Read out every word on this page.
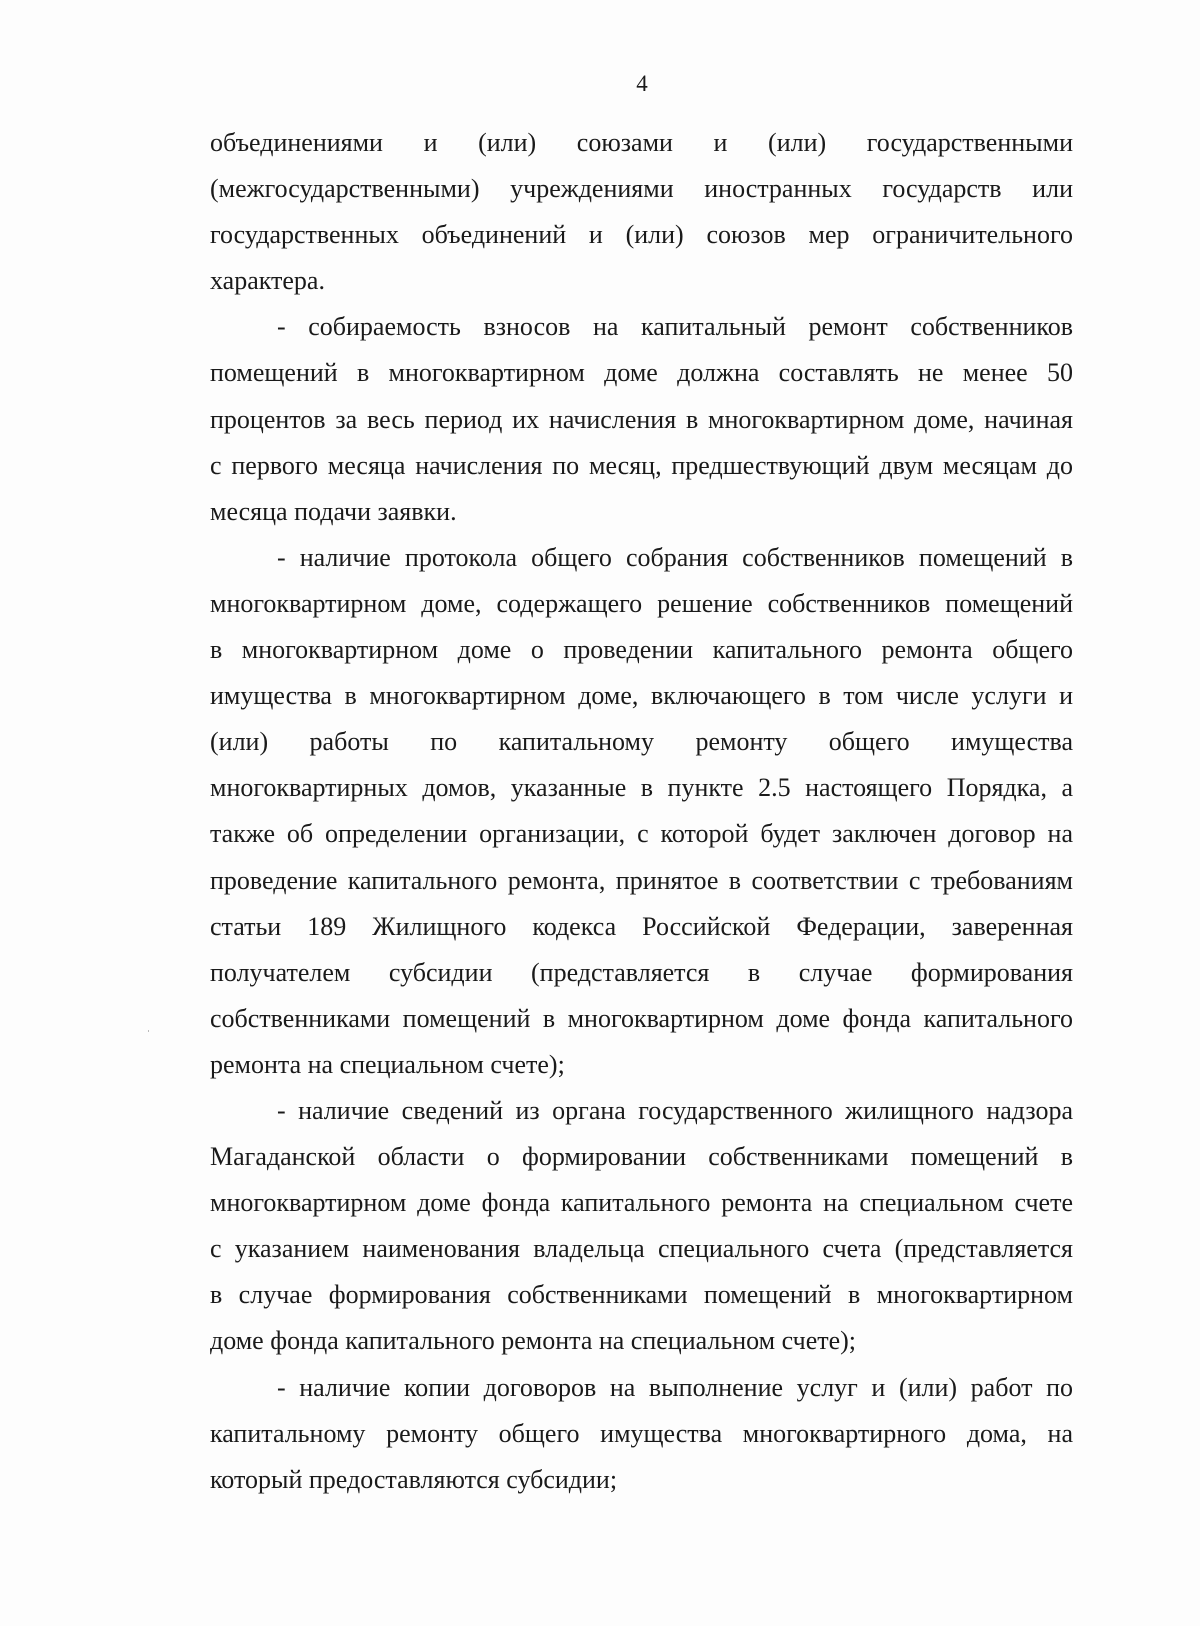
4
объединениями и (или) союзами и (или) государственными
(межгосударственными) учреждениями иностранных государств или
государственных объединений и (или) союзов мер ограничительного
характера.
- собираемость взносов на капитальный ремонт собственников
помещений в многоквартирном доме должна составлять не менее 50
процентов за весь период их начисления в многоквартирном доме, начиная
с первого месяца начисления по месяц, предшествующий двум месяцам до
месяца подачи заявки.
- наличие протокола общего собрания собственников помещений в
многоквартирном доме, содержащего решение собственников помещений
в многоквартирном доме о проведении капитального ремонта общего
имущества в многоквартирном доме, включающего в том числе услуги и
(или) работы по капитальному ремонту общего имущества
многоквартирных домов, указанные в пункте 2.5 настоящего Порядка, а
также об определении организации, с которой будет заключен договор на
проведение капитального ремонта, принятое в соответствии с требованиям
статьи 189 Жилищного кодекса Российской Федерации, заверенная
получателем субсидии (представляется в случае формирования
собственниками помещений в многоквартирном доме фонда капитального
ремонта на специальном счете);
- наличие сведений из органа государственного жилищного надзора
Магаданской области о формировании собственниками помещений в
многоквартирном доме фонда капитального ремонта на специальном счете
с указанием наименования владельца специального счета (представляется
в случае формирования собственниками помещений в многоквартирном
доме фонда капитального ремонта на специальном счете);
- наличие копии договоров на выполнение услуг и (или) работ по
капитальному ремонту общего имущества многоквартирного дома, на
который предоставляются субсидии;
